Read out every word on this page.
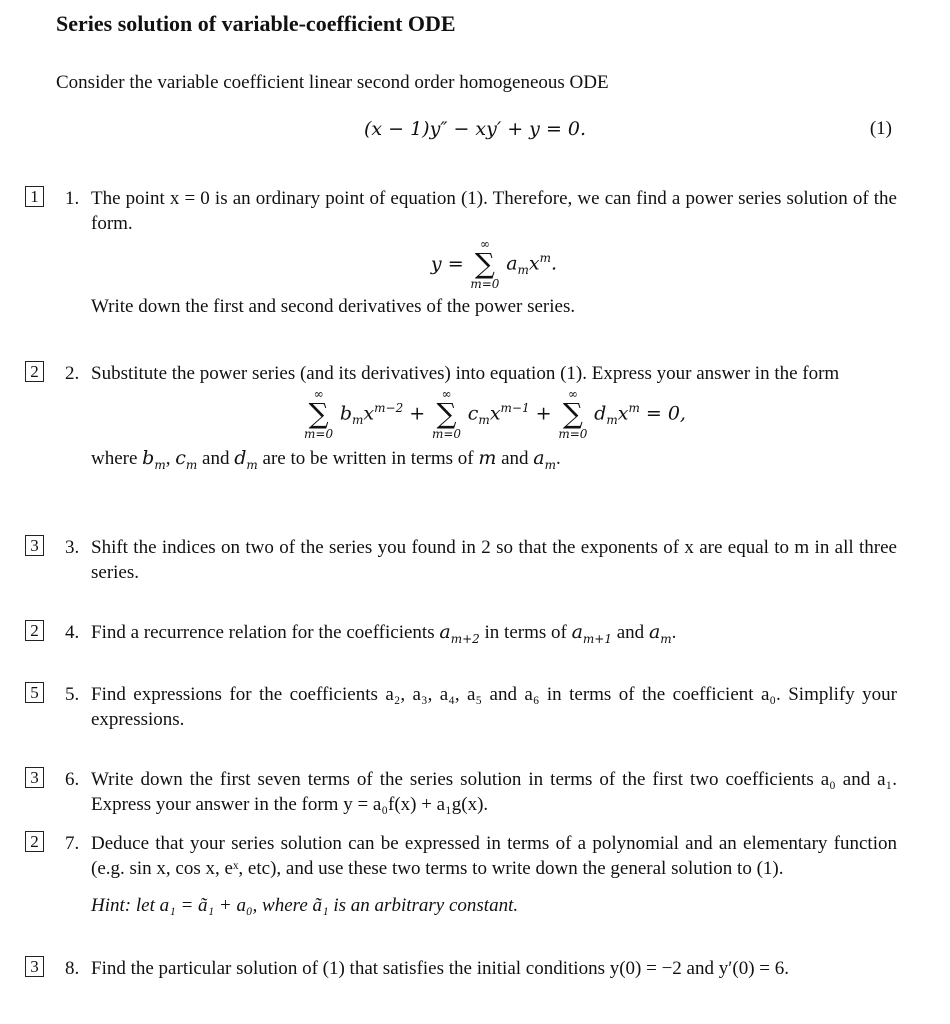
Series solution of variable-coefficient ODE

Consider the variable coefficient linear second order homogeneous ODE

(x − 1)y″ − xy′ + y = 0.	(1)
1 1. The point x = 0 is an ordinary point of equation (1). Therefore, we can find a power series solution of the form.

y =
∞
∑
m=0
$a_mx^m$.

Write down the first and second derivatives of the power series.

2 2. Substitute the power series (and its derivatives) into equation (1). Express your answer in the form

∞
∑
m=0
$b_mx^{m-2}$ +
∞
∑
m=0
$c_mx^{m-1}$ +
∞
∑
m=0
$d_mx^m = 0$,

where $b_m$, $c_m$ and $d_m$ are to be written in terms of m and $a_m$.

3 3. Shift the indices on two of the series you found in 2 so that the exponents of x are equal to m in all three series.

2 4. Find a recurrence relation for the coefficients $a_{m+2}$ in terms of $a_{m+1}$ and $a_m$.

5 5. Find expressions for the coefficients a₂, a₃, a₄, a₅ and a₆ in terms of the coefficient a₀. Simplify your expressions.

3 6. Write down the first seven terms of the series solution in terms of the first two coefficients a₀ and a₁. Express your answer in the form y = a₀f(x) + a₁g(x).

2 7. Deduce that your series solution can be expressed in terms of a polynomial and an elementary function (e.g. sin x, cos x, eˣ, etc), and use these two terms to write down the general solution to (1).

Hint: let a₁ = ã₁ + a₀, where ã₁ is an arbitrary constant.

3 8. Find the particular solution of (1) that satisfies the initial conditions y(0) = −2 and y′(0) = 6.
